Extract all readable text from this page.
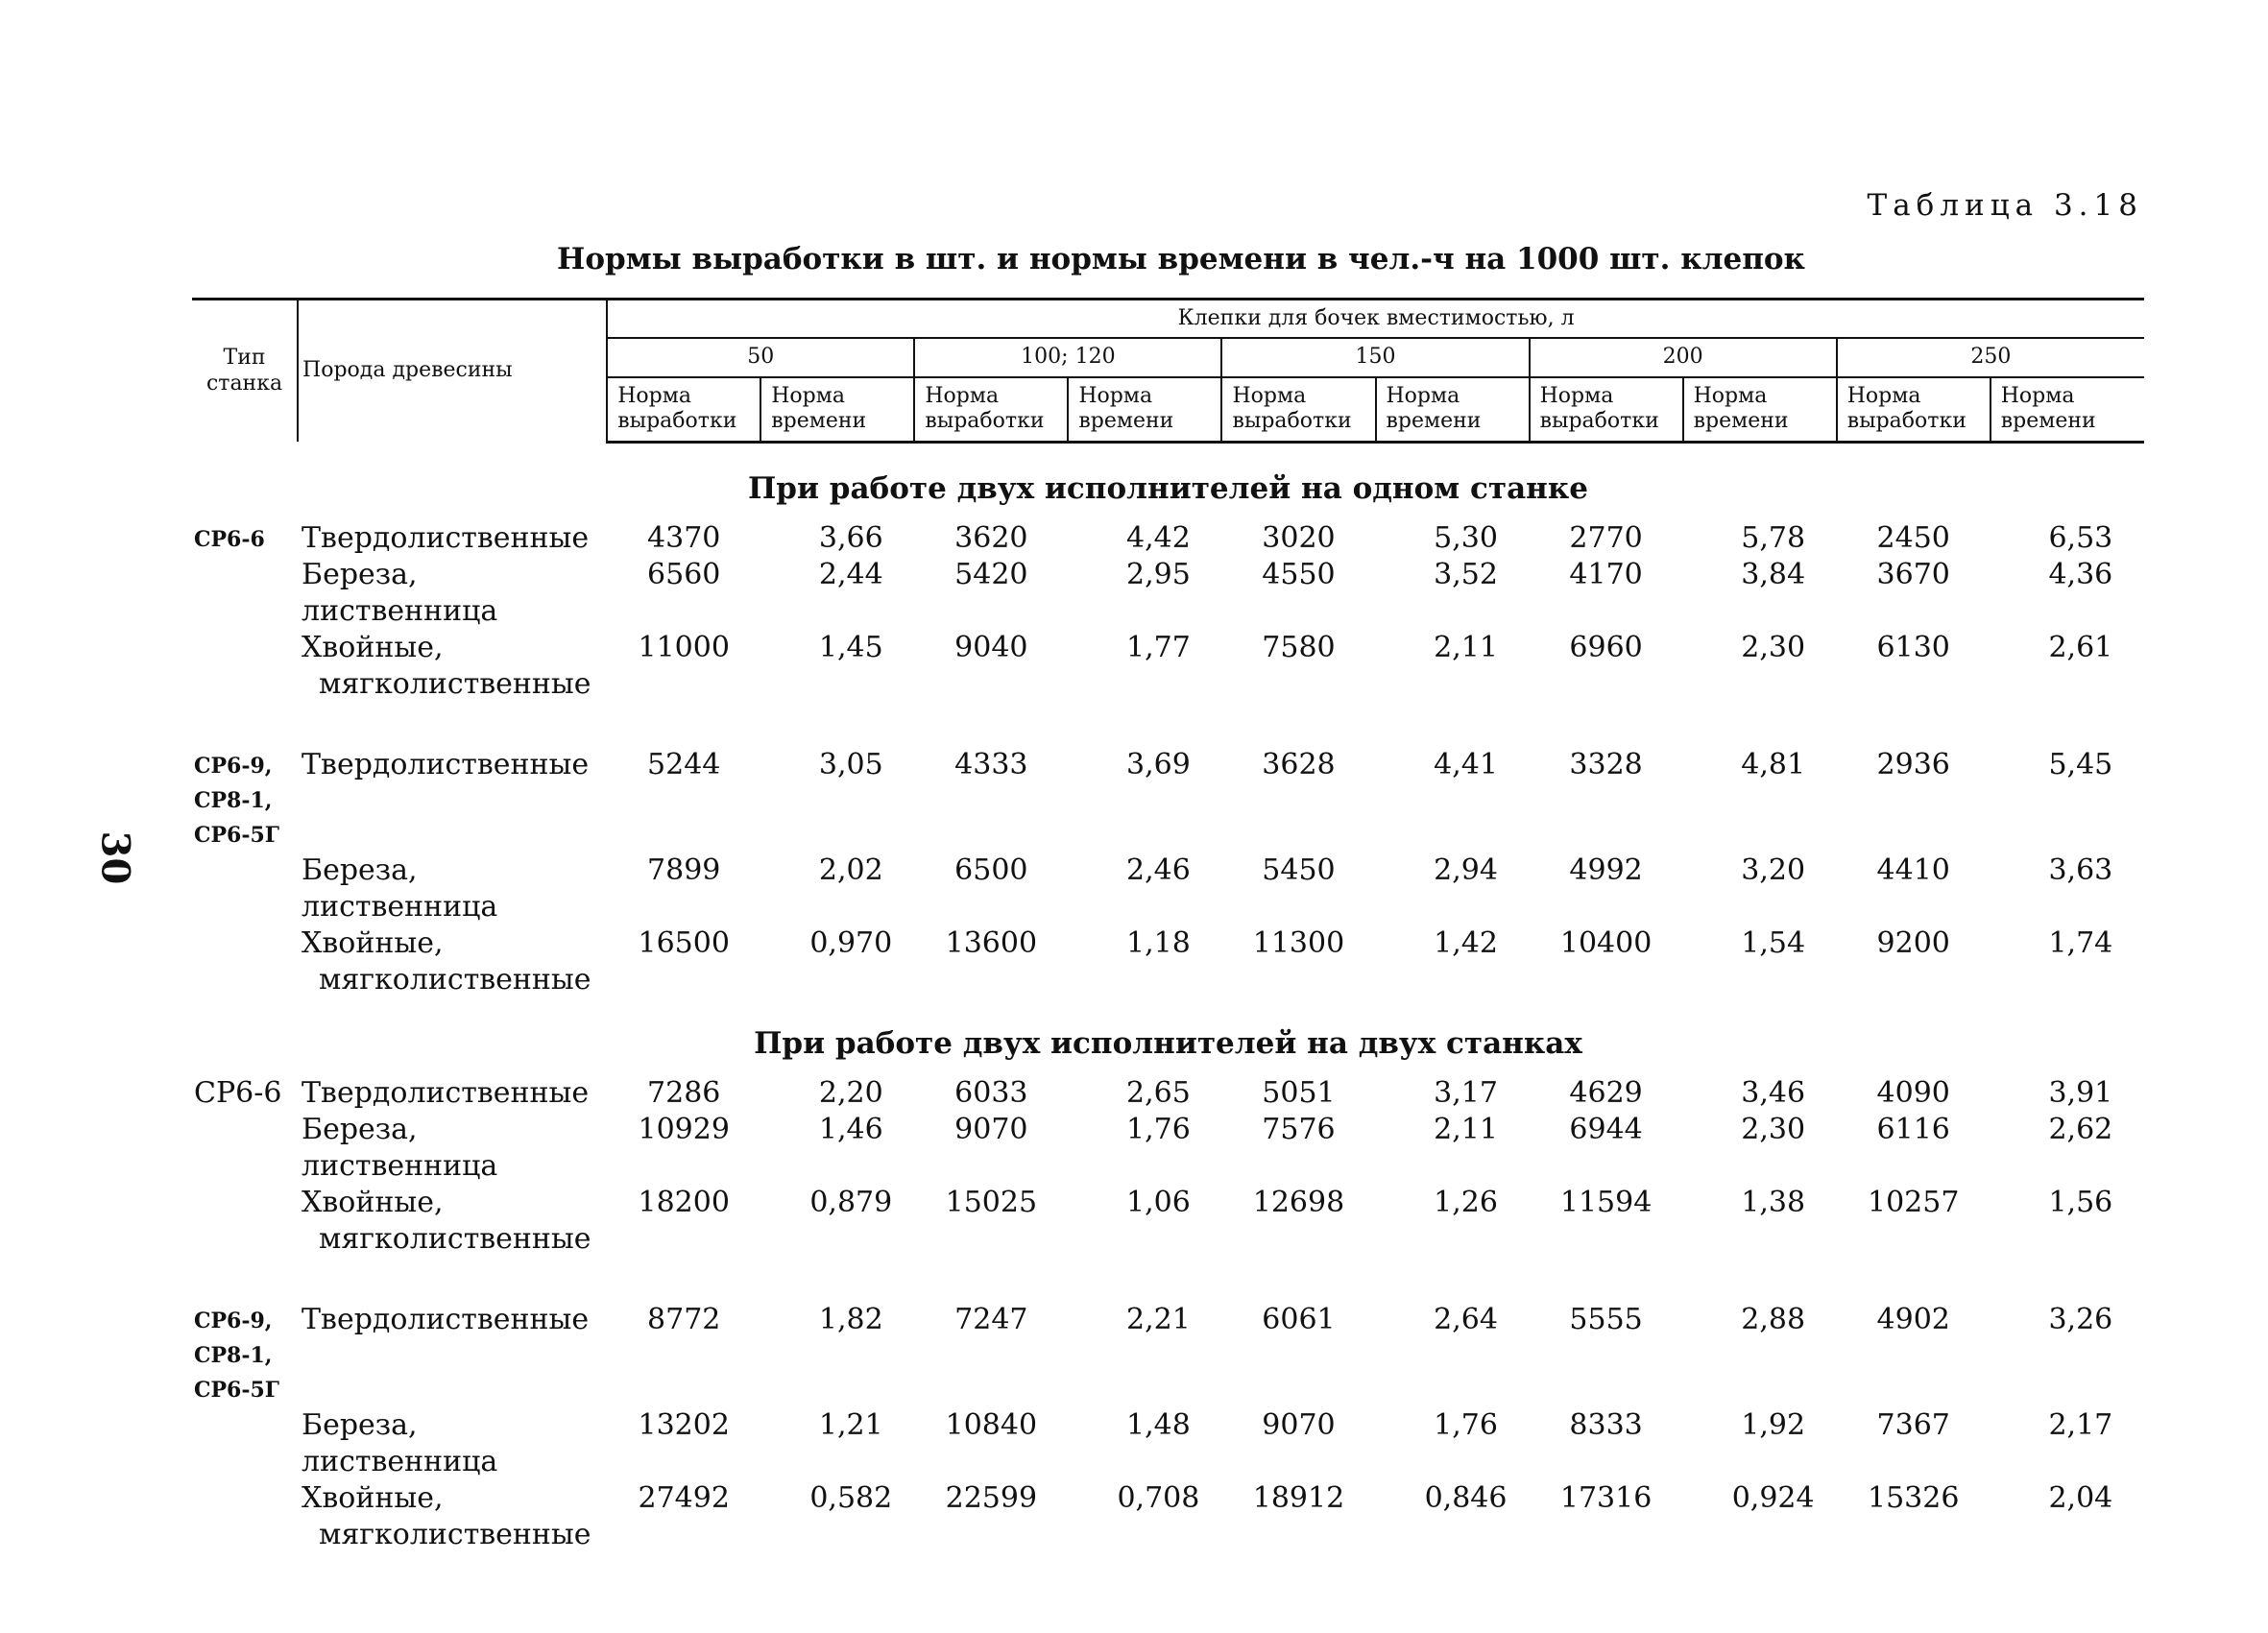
30
Таблица 3.18
Нормы выработки в шт. и нормы времени в чел.-ч на 1000 шт. клепок
Тип станка	Порода древесины	Клепки для бочек вместимостью, л									
		50		100; 120		150		200		250	
		Норма выработки	Норма времени	Норма выработки	Норма времени	Норма выработки	Норма времени	Норма выработки	Норма времени	Норма выработки	Норма времени
При работе двух исполнителей на одном станке											
СР6-6	Твердолиственные	4370	3,66	3620	4,42	3020	5,30	2770	5,78	2450	6,53
	Береза, лиственница	6560	2,44	5420	2,95	4550	3,52	4170	3,84	3670	4,36
	Хвойные,
мягколиственные	11000	1,45	9040	1,77	7580	2,11	6960	2,30	6130	2,61

СР6-9, СР8-1, СР6-5Г	Твердолиственные	5244	3,05	4333	3,69	3628	4,41	3328	4,81	2936	5,45
	Береза, лиственница	7899	2,02	6500	2,46	5450	2,94	4992	3,20	4410	3,63
	Хвойные,
мягколиственные	16500	0,970	13600	1,18	11300	1,42	10400	1,54	9200	1,74
При работе двух исполнителей на двух станках											
СР6-6	Твердолиственные	7286	2,20	6033	2,65	5051	3,17	4629	3,46	4090	3,91
	Береза, лиственница	10929	1,46	9070	1,76	7576	2,11	6944	2,30	6116	2,62
	Хвойные,
мягколиственные	18200	0,879	15025	1,06	12698	1,26	11594	1,38	10257	1,56

СР6-9, СР8-1, СР6-5Г	Твердолиственные	8772	1,82	7247	2,21	6061	2,64	5555	2,88	4902	3,26
	Береза, лиственница	13202	1,21	10840	1,48	9070	1,76	8333	1,92	7367	2,17
	Хвойные,
мягколиственные	27492	0,582	22599	0,708	18912	0,846	17316	0,924	15326	2,04
